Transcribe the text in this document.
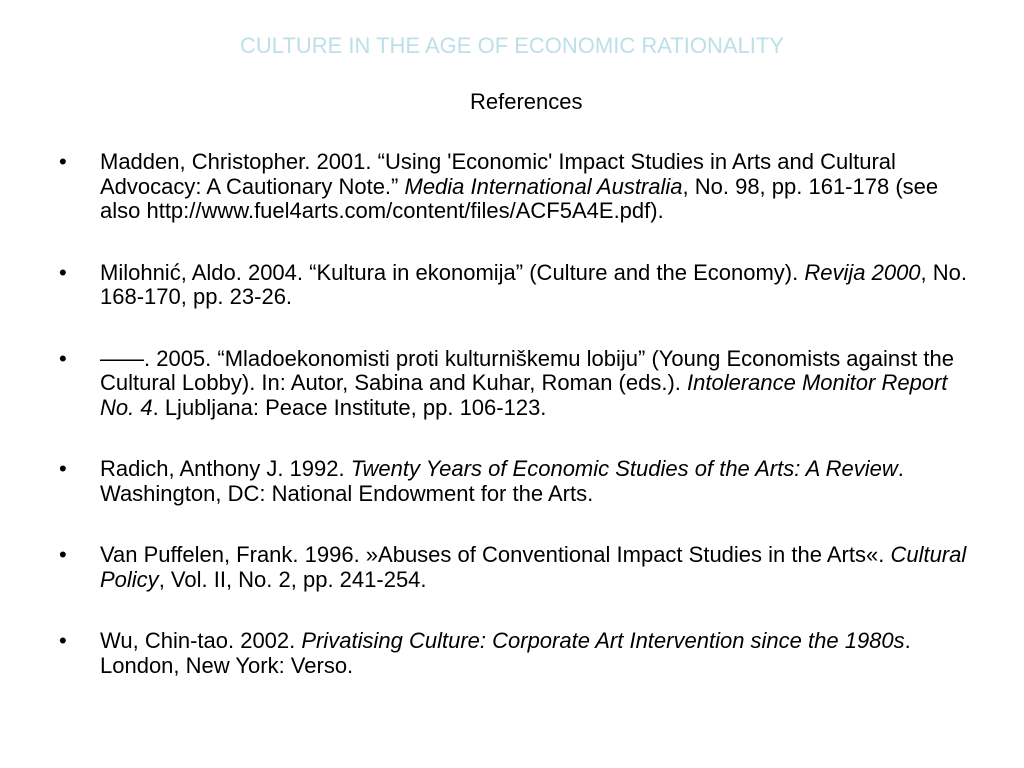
CULTURE IN THE AGE OF ECONOMIC RATIONALITY
References
• Madden, Christopher. 2001. “Using 'Economic' Impact Studies in Arts and Cultural Advocacy: A Cautionary Note.” Media International Australia, No. 98, pp. 161-178 (see also http://www.fuel4arts.com/content/files/ACF5A4E.pdf).
• Milohnić, Aldo. 2004. “Kultura in ekonomija” (Culture and the Economy). Revija 2000, No. 168-170, pp. 23-26.
• ——. 2005. “Mladoekonomisti proti kulturniškemu lobiju” (Young Economists against the Cultural Lobby). In: Autor, Sabina and Kuhar, Roman (eds.). Intolerance Monitor Report No. 4. Ljubljana: Peace Institute, pp. 106-123.
• Radich, Anthony J. 1992. Twenty Years of Economic Studies of the Arts: A Review. Washington, DC: National Endowment for the Arts.
• Van Puffelen, Frank. 1996. »Abuses of Conventional Impact Studies in the Arts«. Cultural Policy, Vol. II, No. 2, pp. 241-254.
• Wu, Chin-tao. 2002. Privatising Culture: Corporate Art Intervention since the 1980s. London, New York: Verso.
